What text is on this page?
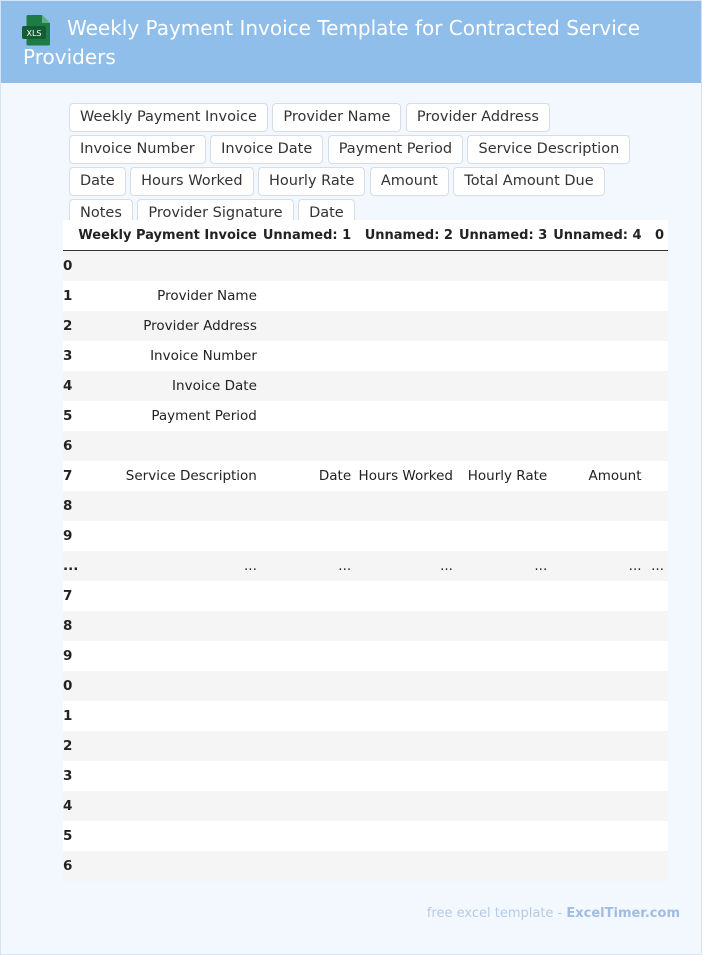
XLS	Weekly Payment Invoice Template for Contracted Service Providers
Weekly Payment Invoice Provider Name Provider Address Invoice Number Invoice Date Payment Period Service Description Date Hours Worked Hourly Rate Amount Total Amount Due Notes Provider Signature Date
	Weekly Payment Invoice	Unnamed: 1	Unnamed: 2	Unnamed: 3	Unnamed: 4	0
0						
1	Provider Name					
2	Provider Address					
3	Invoice Number					
4	Invoice Date					
5	Payment Period					
6						
7	Service Description	Date	Hours Worked	Hourly Rate	Amount	
8						
9						
...	...	...	...	...	...	...
7						
8						
9						
0						
1						
2						
3						
4						
5						
6						
free excel template - ExcelTimer.com
